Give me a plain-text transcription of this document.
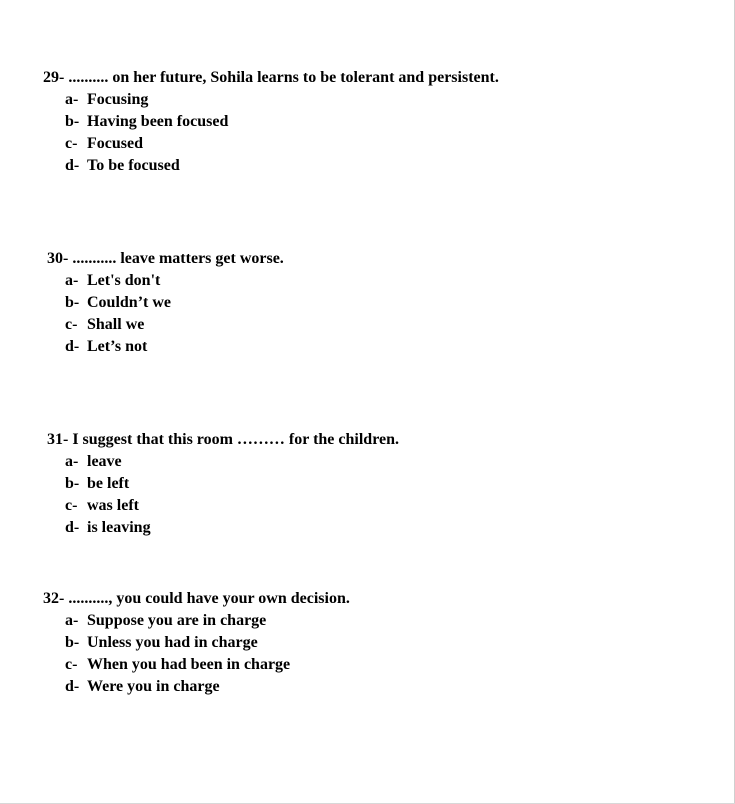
29- .......... on her future, Sohila learns to be tolerant and persistent.
a- Focusing
b- Having been focused
c- Focused
d- To be focused
30- ........... leave matters get worse.
a- Let's don't
b- Couldn’t we
c- Shall we
d- Let’s not
31- I suggest that this room ……… for the children.
a- leave
b- be left
c- was left
d- is leaving
32- .........., you could have your own decision.
a- Suppose you are in charge
b- Unless you had in charge
c- When you had been in charge
d- Were you in charge
